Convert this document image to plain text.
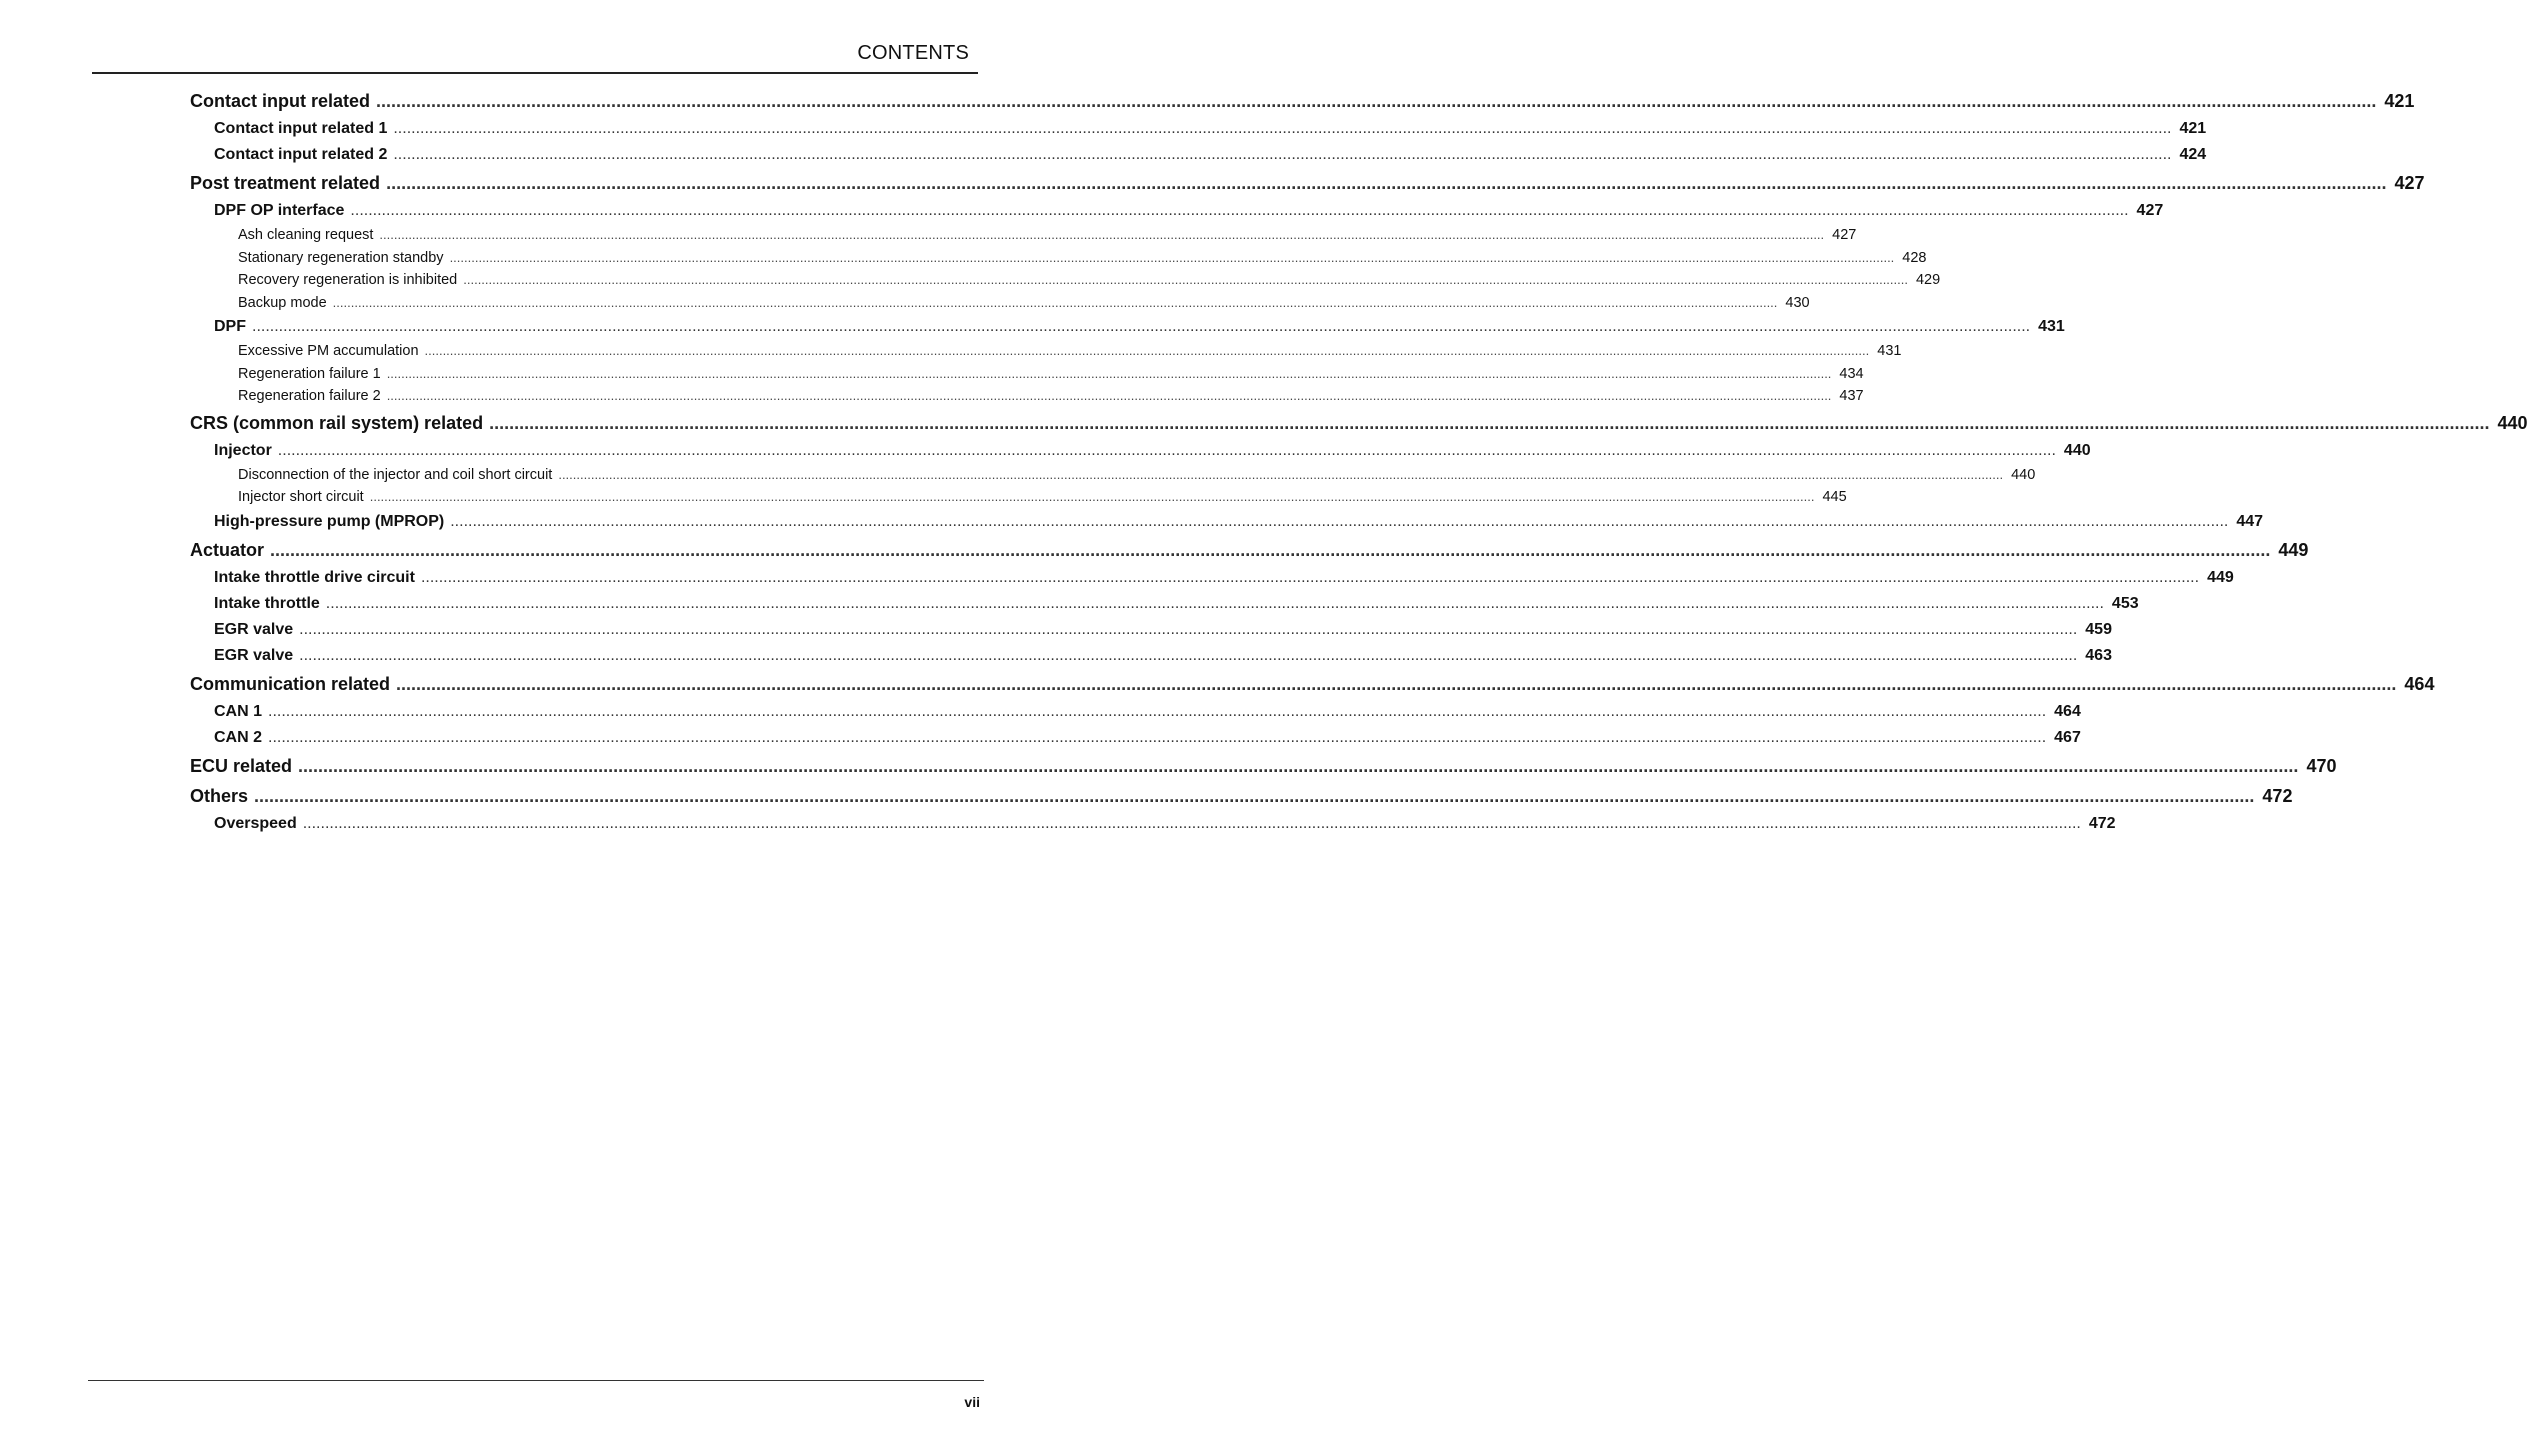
CONTENTS
Contact input related ................................................................................................................................................................................................................................................................................................................................................................................................................ 421
Contact input related 1 ................................................................................................................................................................................................................................................................................................................................................................................................................ 421
Contact input related 2 ................................................................................................................................................................................................................................................................................................................................................................................................................ 424
Post treatment related ................................................................................................................................................................................................................................................................................................................................................................................................................ 427
DPF OP interface ................................................................................................................................................................................................................................................................................................................................................................................................................ 427
Ash cleaning request ................................................................................................................................................................................................................................................................................................................................................................................................................ 427
Stationary regeneration standby ................................................................................................................................................................................................................................................................................................................................................................................................................ 428
Recovery regeneration is inhibited ................................................................................................................................................................................................................................................................................................................................................................................................................ 429
Backup mode ................................................................................................................................................................................................................................................................................................................................................................................................................ 430
DPF ................................................................................................................................................................................................................................................................................................................................................................................................................ 431
Excessive PM accumulation ................................................................................................................................................................................................................................................................................................................................................................................................................ 431
Regeneration failure 1 ................................................................................................................................................................................................................................................................................................................................................................................................................ 434
Regeneration failure 2 ................................................................................................................................................................................................................................................................................................................................................................................................................ 437
CRS (common rail system) related ................................................................................................................................................................................................................................................................................................................................................................................................................ 440
Injector ................................................................................................................................................................................................................................................................................................................................................................................................................ 440
Disconnection of the injector and coil short circuit ................................................................................................................................................................................................................................................................................................................................................................................................................ 440
Injector short circuit ................................................................................................................................................................................................................................................................................................................................................................................................................ 445
High-pressure pump (MPROP) ................................................................................................................................................................................................................................................................................................................................................................................................................ 447
Actuator ................................................................................................................................................................................................................................................................................................................................................................................................................ 449
Intake throttle drive circuit ................................................................................................................................................................................................................................................................................................................................................................................................................ 449
Intake throttle ................................................................................................................................................................................................................................................................................................................................................................................................................ 453
EGR valve ................................................................................................................................................................................................................................................................................................................................................................................................................ 459
EGR valve ................................................................................................................................................................................................................................................................................................................................................................................................................ 463
Communication related ................................................................................................................................................................................................................................................................................................................................................................................................................ 464
CAN 1 ................................................................................................................................................................................................................................................................................................................................................................................................................ 464
CAN 2 ................................................................................................................................................................................................................................................................................................................................................................................................................ 467
ECU related ................................................................................................................................................................................................................................................................................................................................................................................................................ 470
Others ................................................................................................................................................................................................................................................................................................................................................................................................................ 472
Overspeed ................................................................................................................................................................................................................................................................................................................................................................................................................ 472
vii
